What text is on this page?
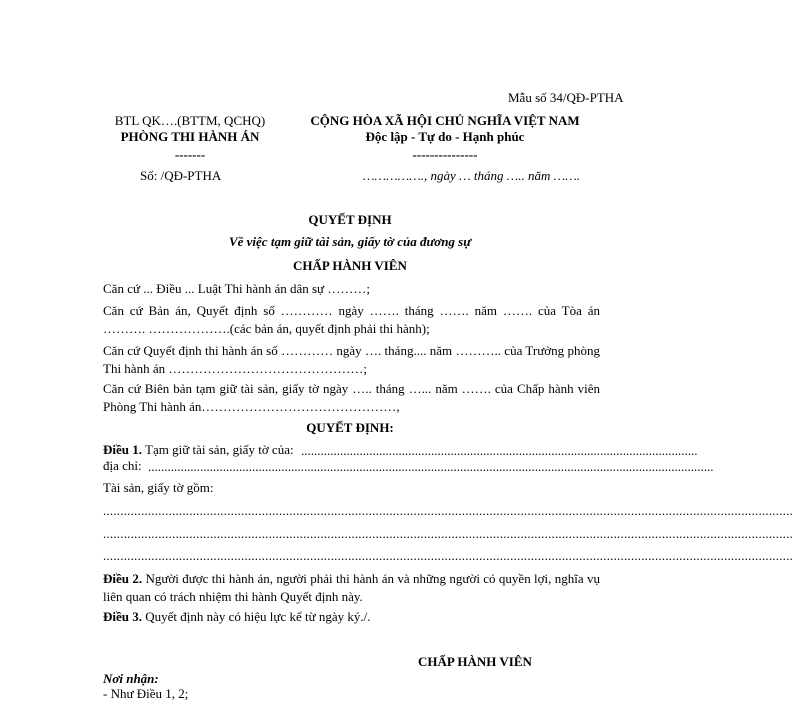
Mẫu số 34/QĐ-PTHA
BTL QK….(BTTM, QCHQ)
PHÒNG THI HÀNH ÁN
-------
Số: /QĐ-PTHA
CỘNG HÒA XÃ HỘI CHỦ NGHĨA VIỆT NAM
Độc lập - Tự do - Hạnh phúc
---------------
……………., ngày … tháng ….. năm …….
QUYẾT ĐỊNH
Về việc tạm giữ tài sản, giấy tờ của đương sự
CHẤP HÀNH VIÊN
Căn cứ ... Điều ... Luật Thi hành án dân sự ………;
Căn cứ Bản án, Quyết định số ………… ngày ……. tháng ……. năm ……. của Tòa án ………. ……………….(các bản án, quyết định phải thi hành);
Căn cứ Quyết định thi hành án số ………… ngày …. tháng.... năm ……….. của Trưởng phòng Thi hành án ………………………………………;
Căn cứ Biên bản tạm giữ tài sản, giấy tờ ngày ….. tháng …... năm ……. của Chấp hành viên Phòng Thi hành án………………………………………,
QUYẾT ĐỊNH:
Điều 1. Tạm giữ tài sản, giấy tờ của: ..........................................................................................................................
địa chỉ: ..............................................................................................................................................................................
Tài sản, giấy tờ gồm:
........................................................................................................................................................................................................
........................................................................................................................................................................................................
........................................................................................................................................................................................................
Điều 2. Người được thi hành án, người phải thi hành án và những người có quyền lợi, nghĩa vụ liên quan có trách nhiệm thi hành Quyết định này.
Điều 3. Quyết định này có hiệu lực kể từ ngày ký./.
CHẤP HÀNH VIÊN
Nơi nhận:
- Như Điều 1, 2;
